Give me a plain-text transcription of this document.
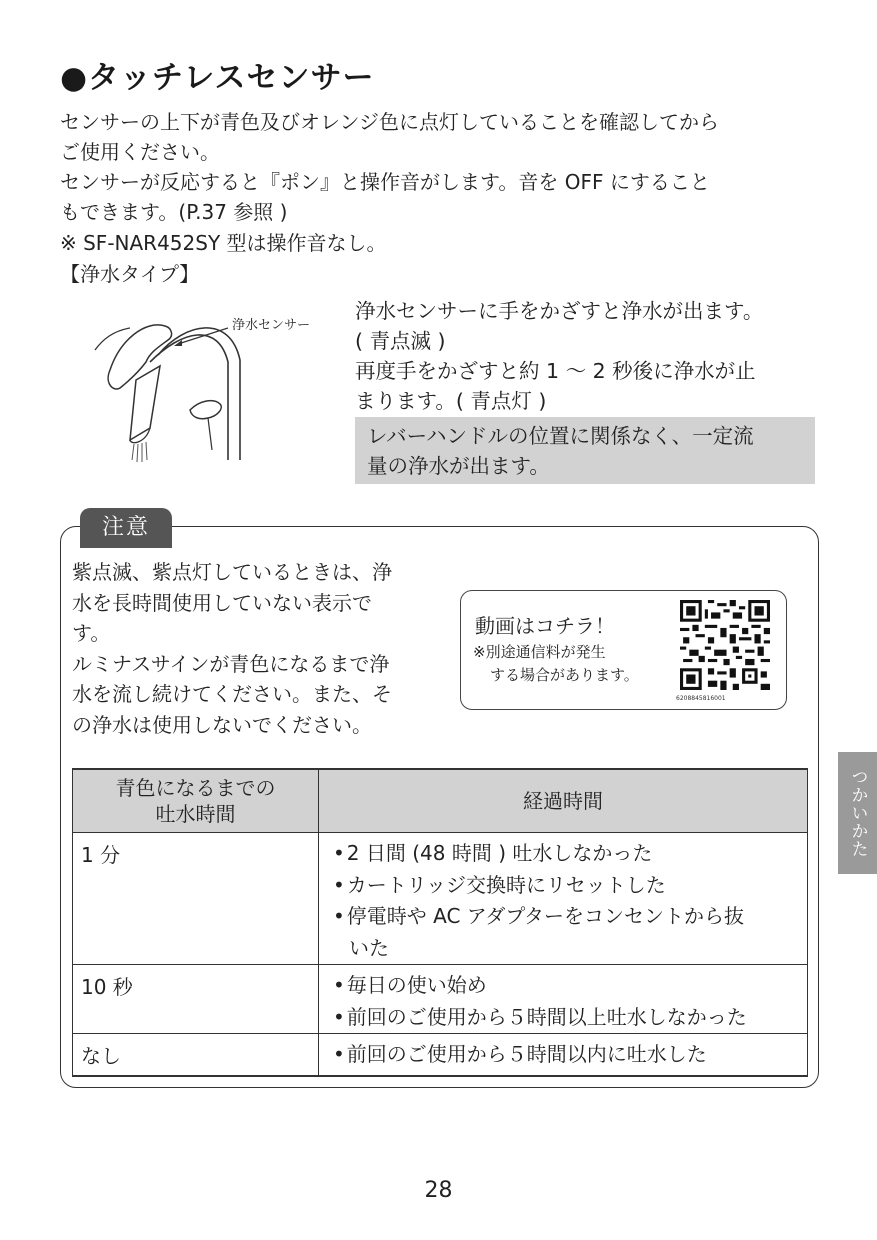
●タッチレスセンサー
センサーの上下が青色及びオレンジ色に点灯していることを確認してから
ご使用ください。
センサーが反応すると『ポン』と操作音がします。音を OFF にすること
もできます。(P.37 参照 )
※ SF-NAR452SY 型は操作音なし。
【浄水タイプ】
浄水センサー
浄水センサーに手をかざすと浄水が出ます。
( 青点滅 )
再度手をかざすと約 1 ～ 2 秒後に浄水が止
まります。( 青点灯 )
レバーハンドルの位置に関係なく、一定流
量の浄水が出ます。
注意
紫点滅、紫点灯しているときは、浄
水を長時間使用していない表示で
す。
ルミナスサインが青色になるまで浄
水を流し続けてください。また、そ
の浄水は使用しないでください。
動画はコチラ！
※別途通信料が発生
する場合があります。
6208845816001
青色になるまでの
吐水時間	経過時間
1 分	• 2 日間 (48 時間 ) 吐水しなかった
• カートリッジ交換時にリセットした
• 停電時や AC アダプターをコンセントから抜
いた

10 秒	• 毎日の使い始め
• 前回のご使用から５時間以上吐水しなかった

なし	• 前回のご使用から５時間以内に吐水した
28
つかいかた
